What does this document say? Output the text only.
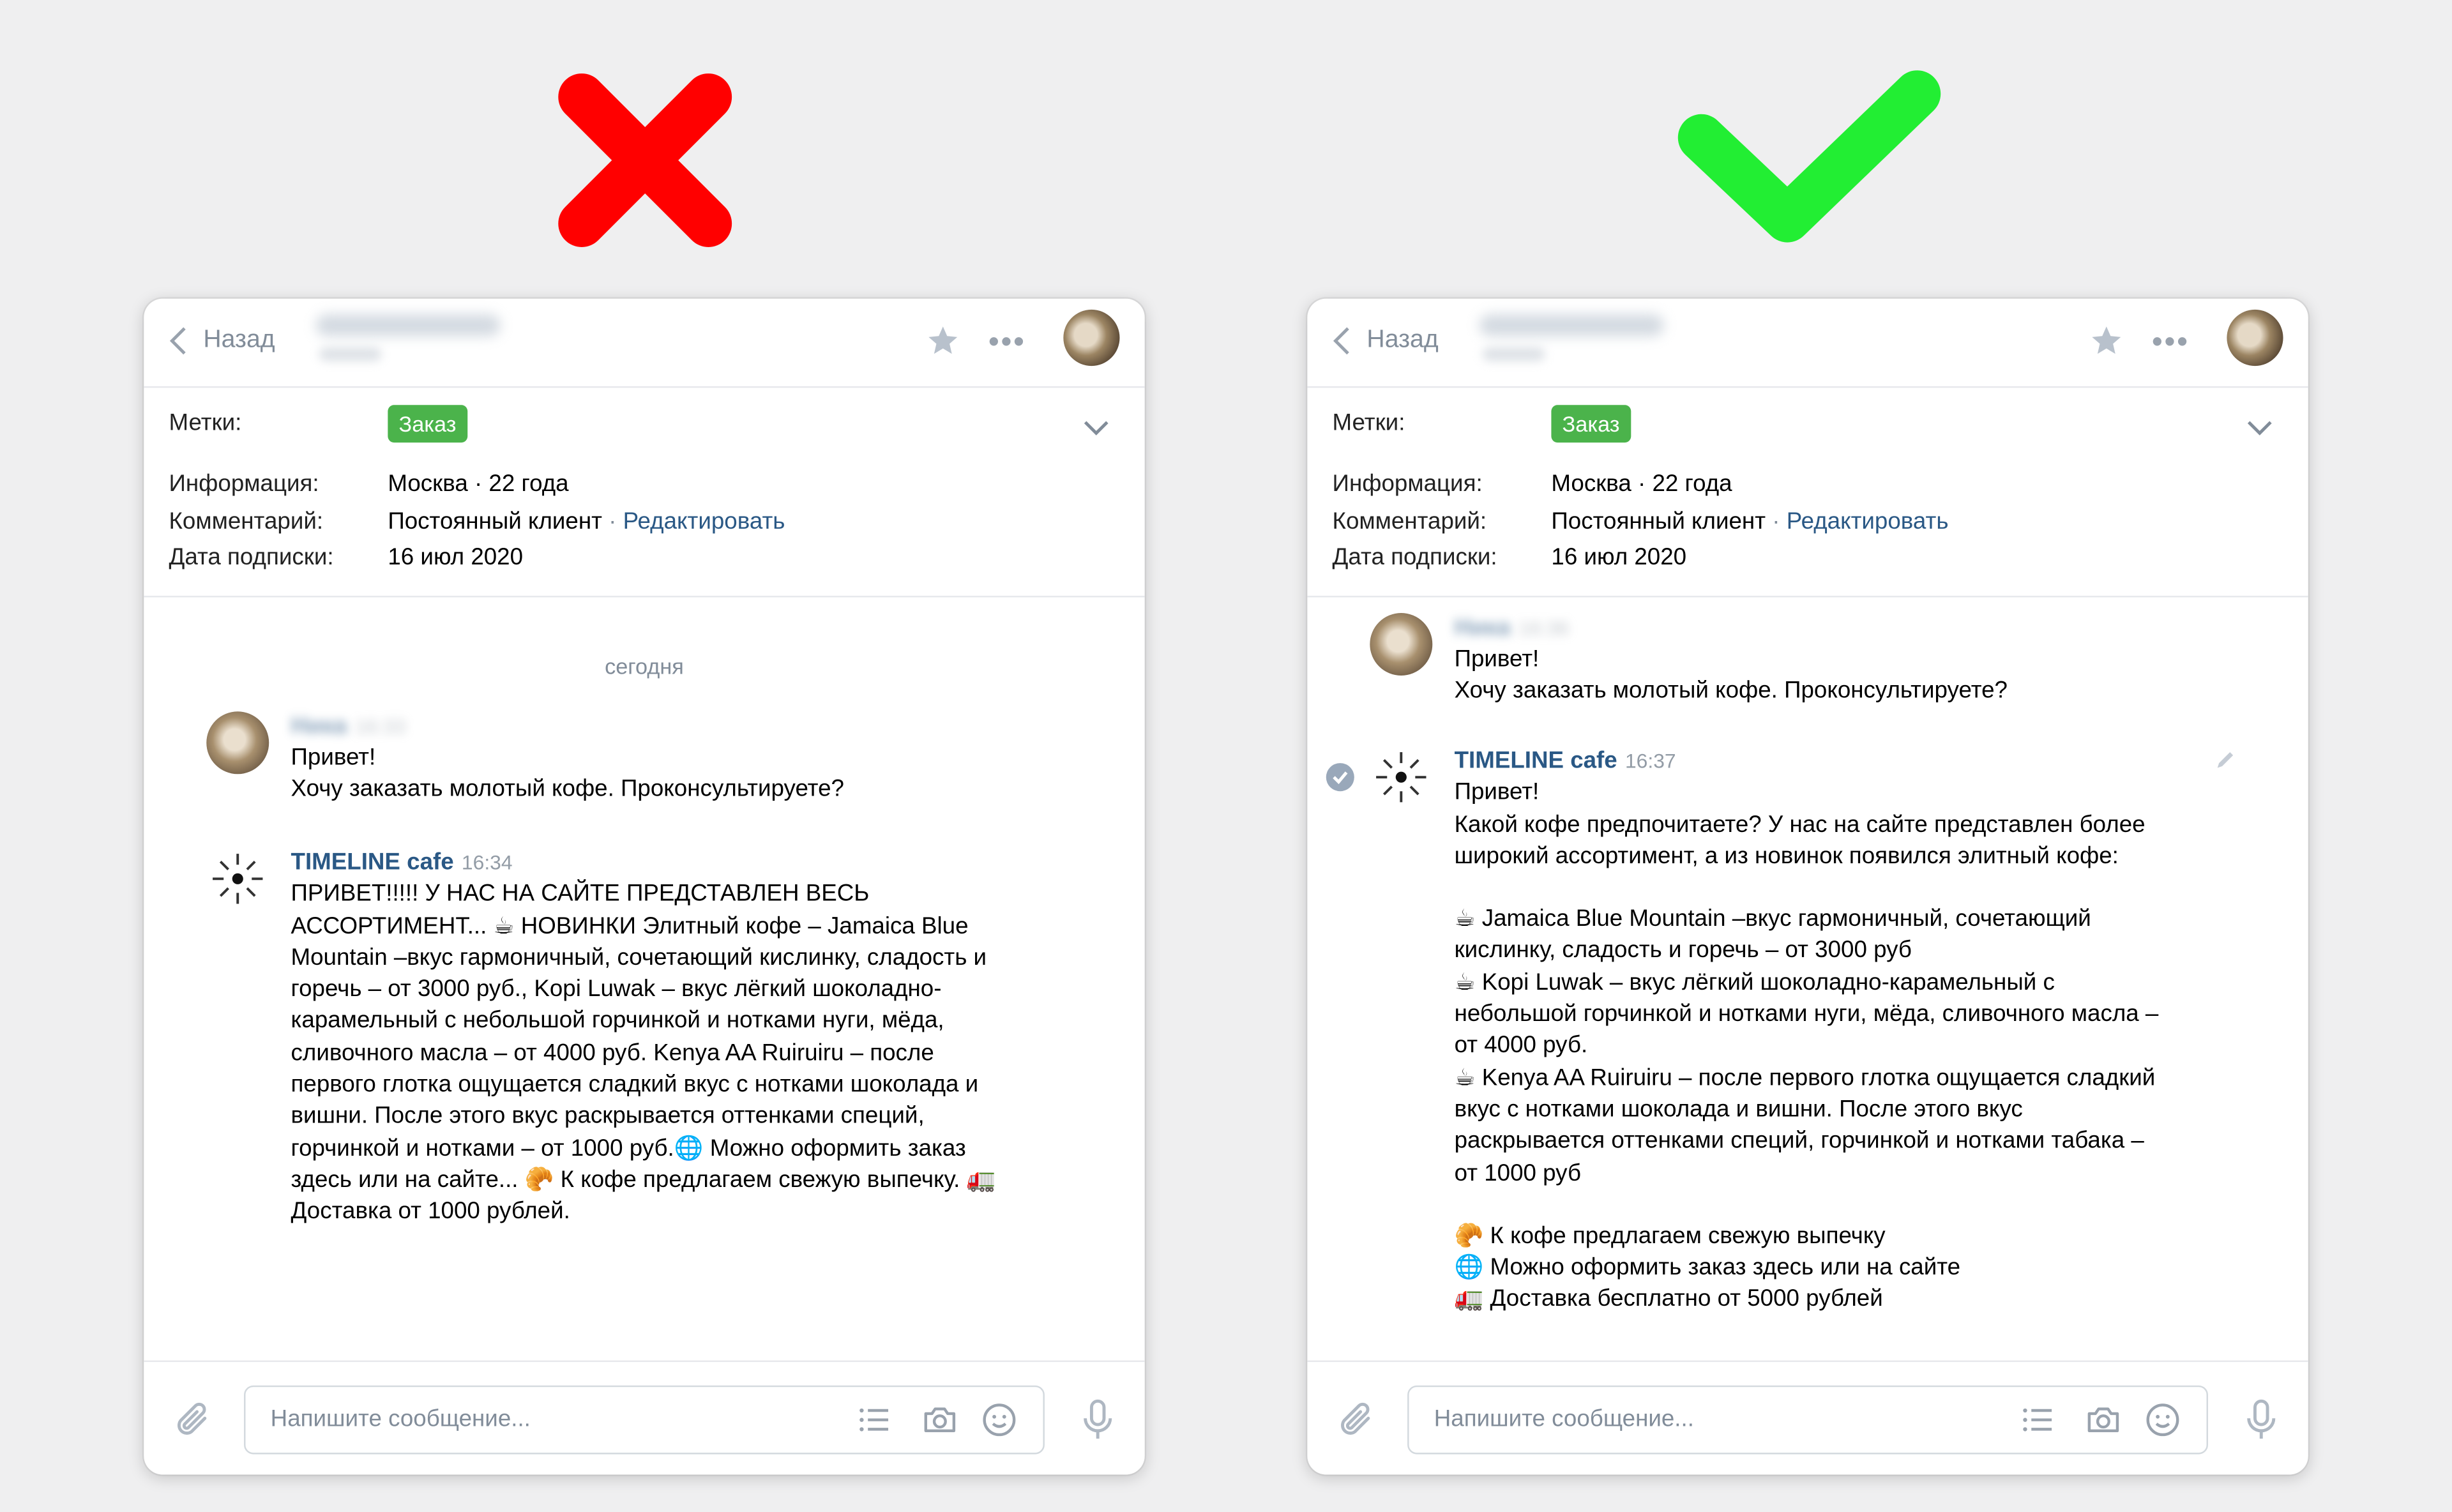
Назад	•••
Метки:	Заказ
Информация:	Москва · 22 года
Комментарий:	Постоянный клиент · Редактировать
Дата подписки:	16 июл 2020
сегодня
Ника 16:33
Привет!
Хочу заказать молотый кофе. Проконсультируете?
TIMELINE cafe 16:34
ПРИВЕТ!!!!! У НАС НА САЙТЕ ПРЕДСТАВЛЕН ВЕСЬ АССОРТИМЕНТ... ☕ НОВИНКИ Элитный кофе – Jamaica Blue Mountain –вкус гармоничный, сочетающий кислинку, сладость и горечь – от 3000 руб., Kopi Luwak – вкус лёгкий шоколадно-карамельный с небольшой горчинкой и нотками нуги, мёда, сливочного масла – от 4000 руб. Kenya AA Ruiruiru – после первого глотка ощущается сладкий вкус с нотками шоколада и вишни. После этого вкус раскрывается оттенками специй, горчинкой и нотками – от 1000 руб.🌐 Можно оформить заказ здесь или на сайте... 🥐 К кофе предлагаем свежую выпечку. 🚛 Доставка от 1000 рублей.
Напишите сообщение...
Назад	•••
Метки:	Заказ
Информация:	Москва · 22 года
Комментарий:	Постоянный клиент · Редактировать
Дата подписки:	16 июл 2020
Ника 16:36
Привет!
Хочу заказать молотый кофе. Проконсультируете?
TIMELINE cafe 16:37
Привет!
Какой кофе предпочитаете? У нас на сайте представлен более широкий ассортимент, а из новинок появился элитный кофе:
☕ Jamaica Blue Mountain –вкус гармоничный, сочетающий кислинку, сладость и горечь – от 3000 руб
☕ Kopi Luwak – вкус лёгкий шоколадно-карамельный с небольшой горчинкой и нотками нуги, мёда, сливочного масла – от 4000 руб.
☕ Kenya AA Ruiruiru – после первого глотка ощущается сладкий вкус с нотками шоколада и вишни. После этого вкус раскрывается оттенками специй, горчинкой и нотками табака – от 1000 руб
🥐 К кофе предлагаем свежую выпечку
🌐 Можно оформить заказ здесь или на сайте
🚛 Доставка бесплатно от 5000 рублей
Напишите сообщение...
